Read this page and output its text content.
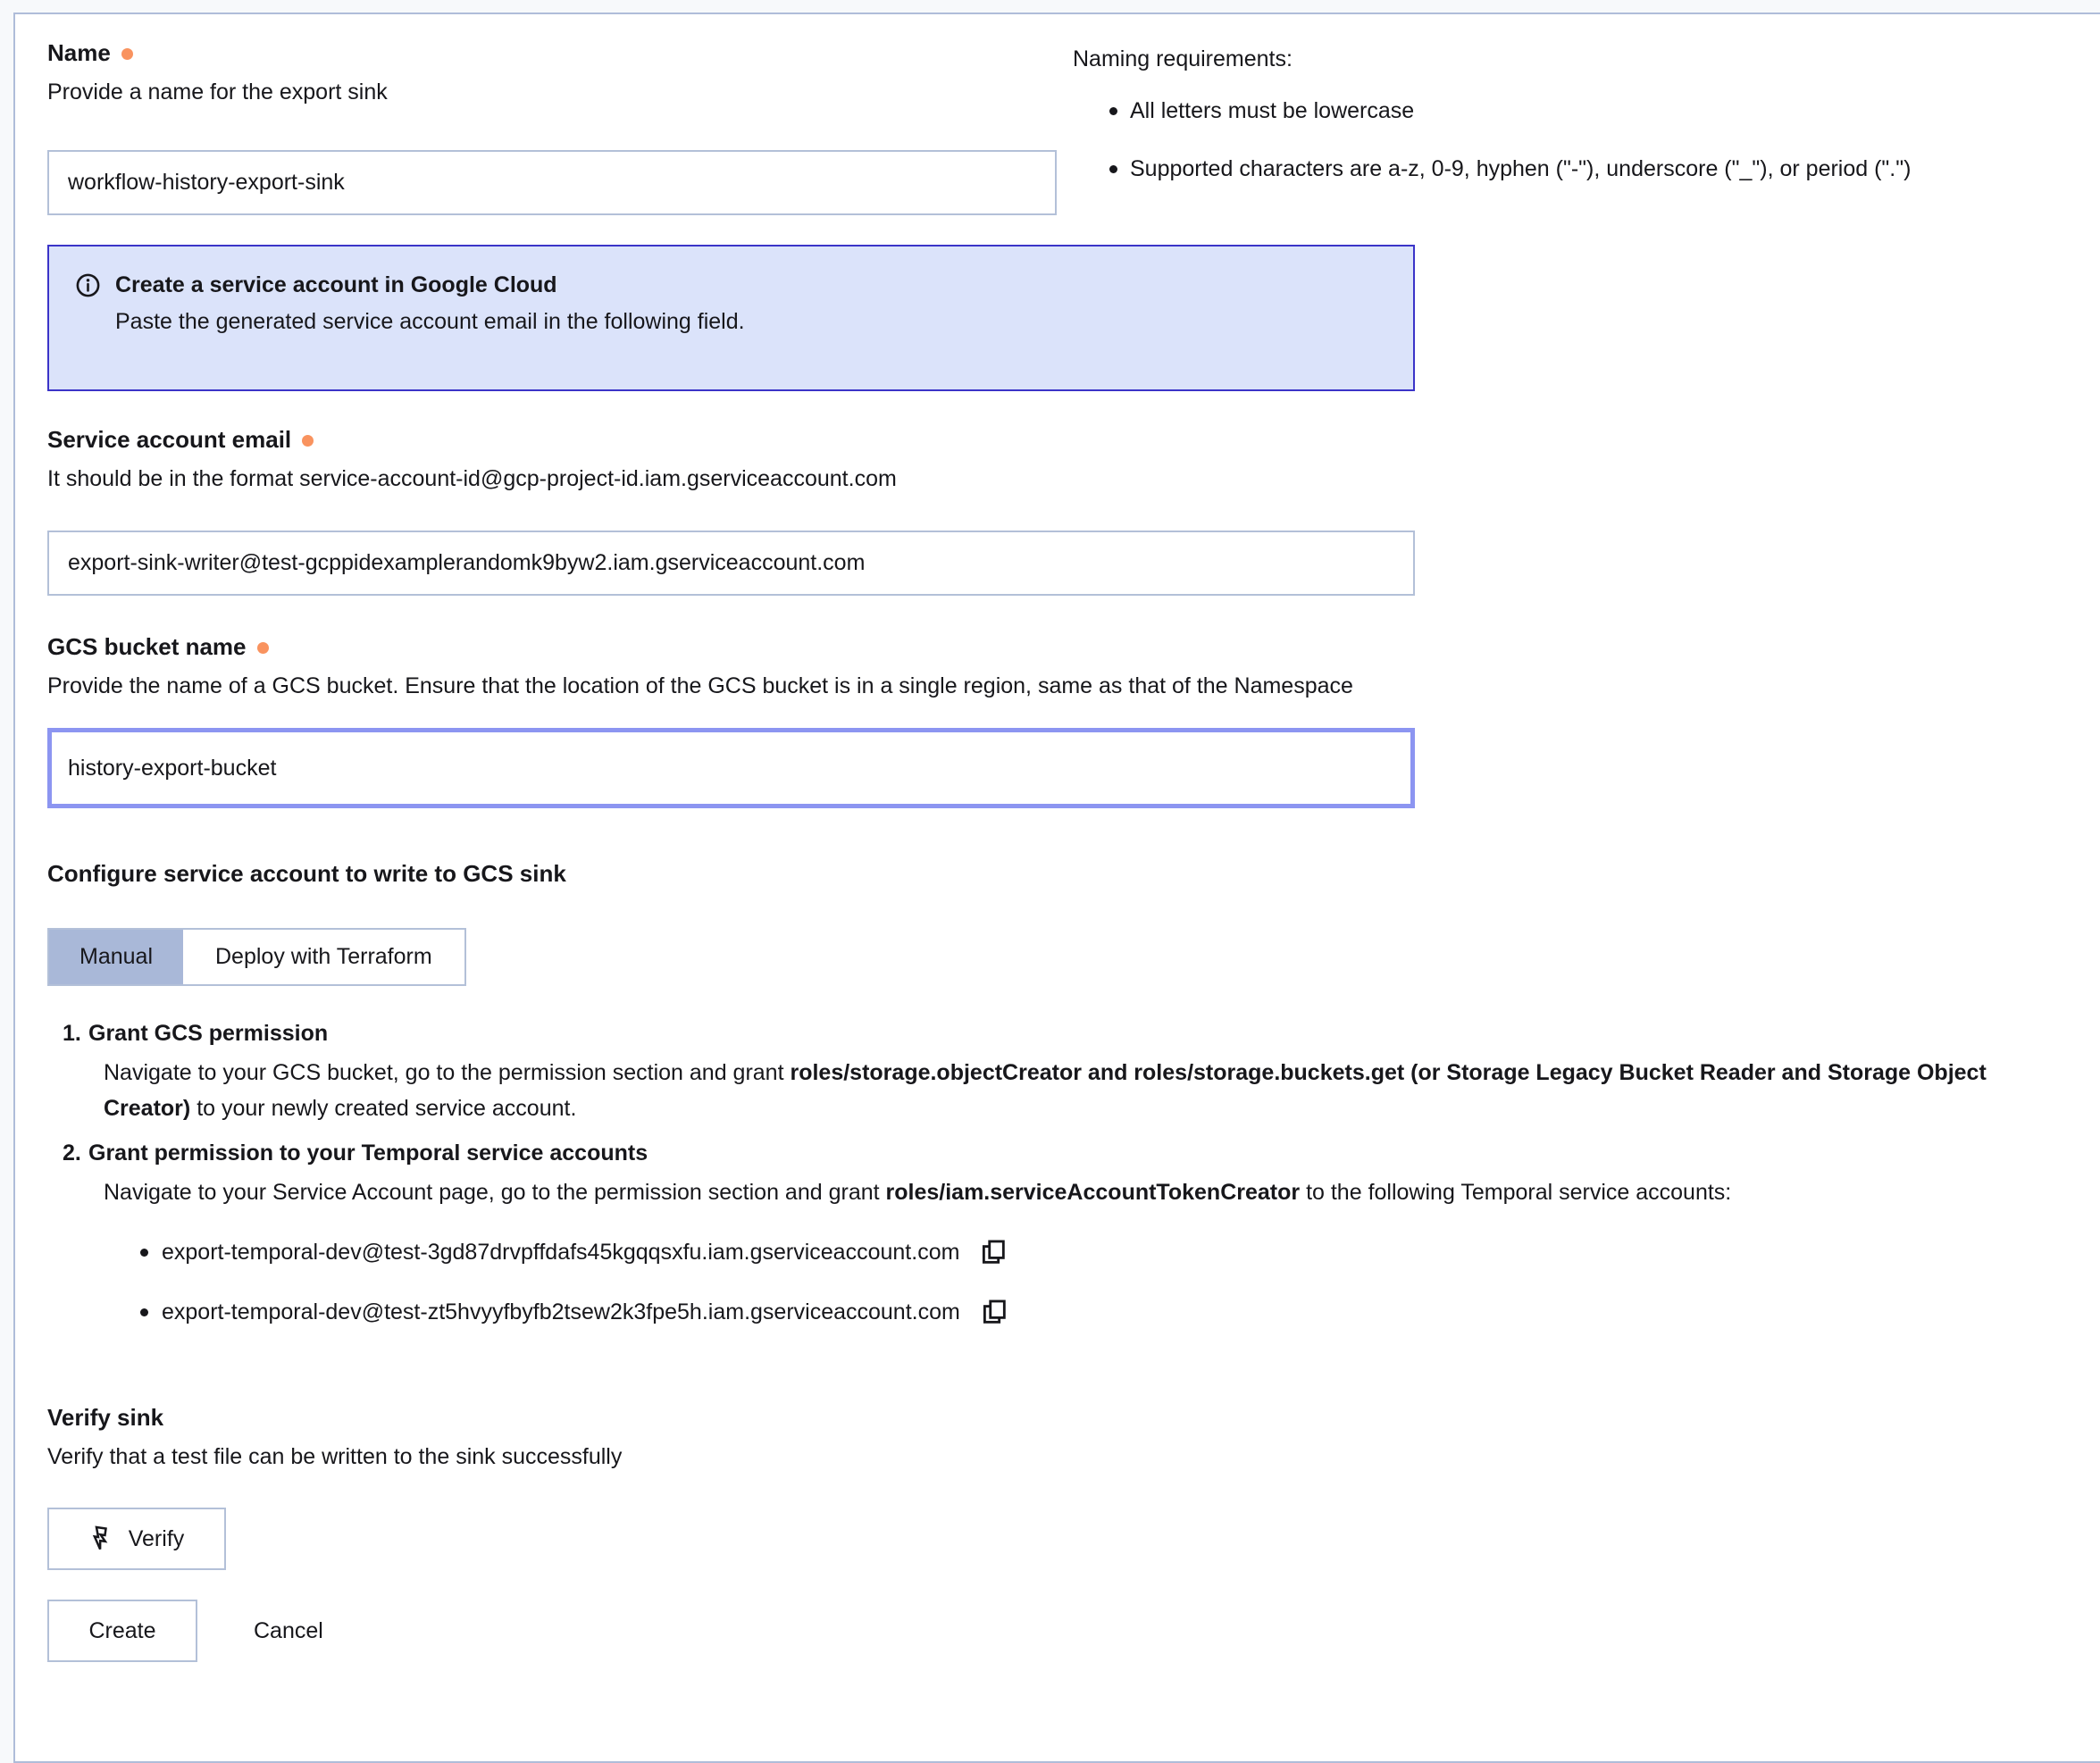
Name
Provide a name for the export sink
workflow-history-export-sink
Naming requirements:
All letters must be lowercase
Supported characters are a-z, 0-9, hyphen ("-"), underscore ("_"), or period (".")
Create a service account in Google Cloud
Paste the generated service account email in the following field.
Service account email
It should be in the format service-account-id@gcp-project-id.iam.gserviceaccount.com
export-sink-writer@test-gcppidexamplerandomk9byw2.iam.gserviceaccount.com
GCS bucket name
Provide the name of a GCS bucket. Ensure that the location of the GCS bucket is in a single region, same as that of the Namespace
history-export-bucket
Configure service account to write to GCS sink
Manual	Deploy with Terraform
1. Grant GCS permission

Navigate to your GCS bucket, go to the permission section and grant roles/storage.objectCreator and roles/storage.buckets.get (or Storage Legacy Bucket Reader and Storage Object Creator) to your newly created service account.

2. Grant permission to your Temporal service accounts

Navigate to your Service Account page, go to the permission section and grant roles/iam.serviceAccountTokenCreator to the following Temporal service accounts:

export-temporal-dev@test-3gd87drvpffdafs45kgqqsxfu.iam.gserviceaccount.com
export-temporal-dev@test-zt5hvyyfbyfb2tsew2k3fpe5h.iam.gserviceaccount.com
Verify sink
Verify that a test file can be written to the sink successfully
Verify
Create	Cancel
